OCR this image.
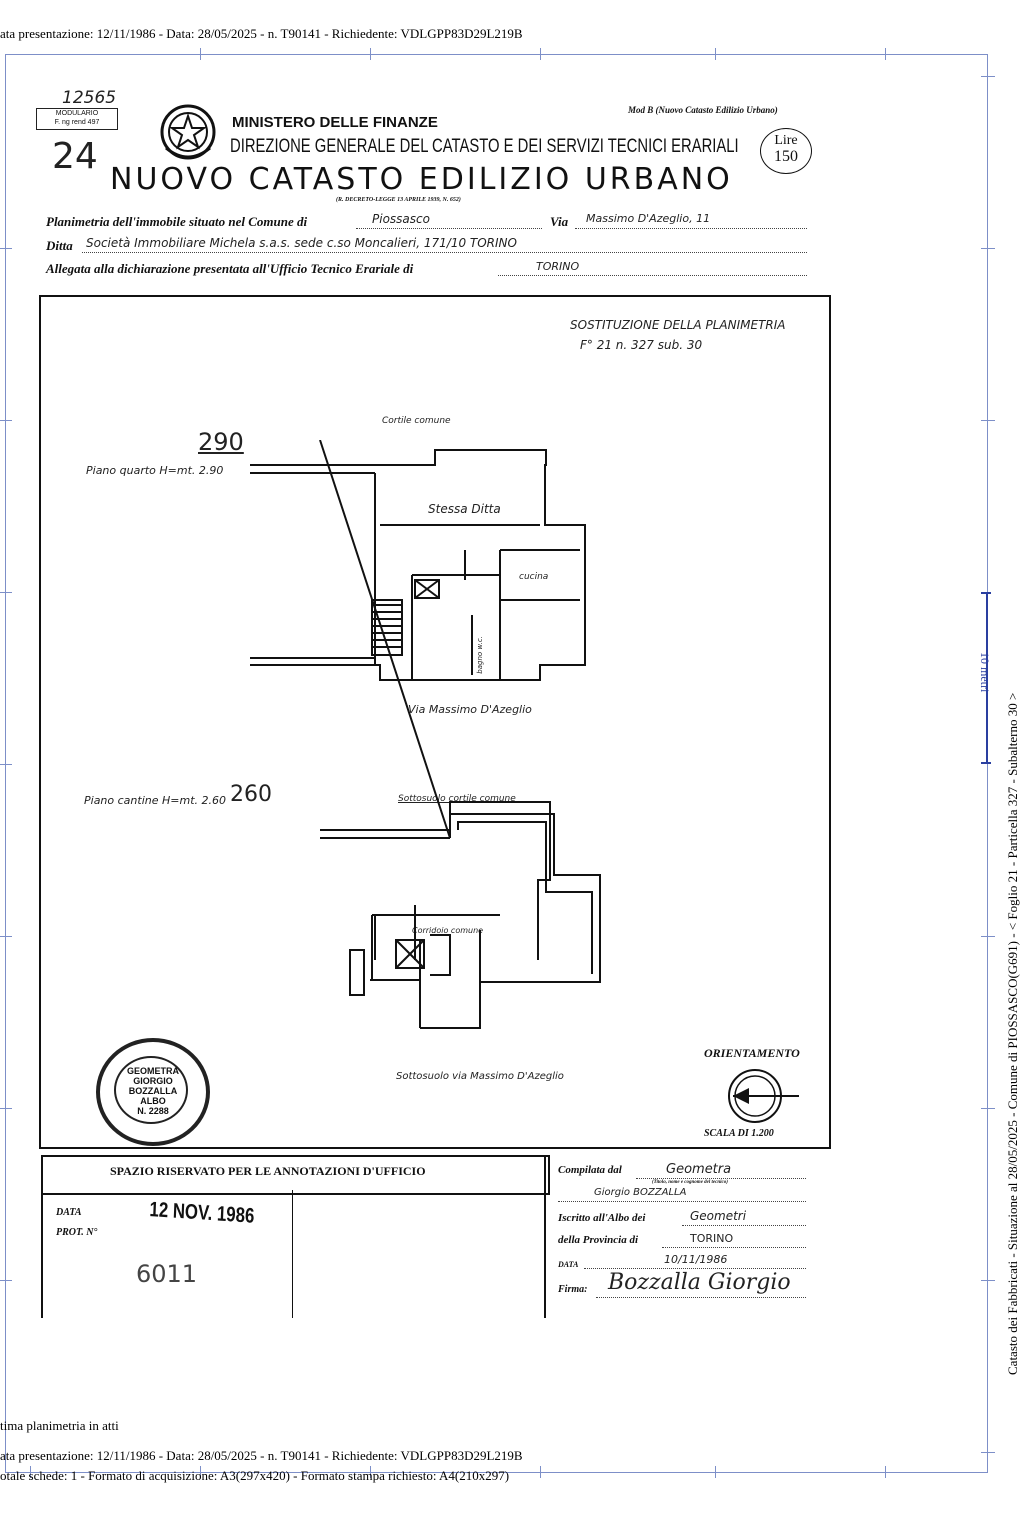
ata presentazione: 12/11/1986 - Data: 28/05/2025 - n. T90141 - Richiedente: VDLGPP83D29L219B
10 metri
Catasto dei Fabbricati - Situazione al 28/05/2025 - Comune di PIOSSASCO(G691) - < Foglio 21 - Particella 327 - Subalterno 30 >
12565
MODULARIO
F. ng rend 497
24
Mod B (Nuovo Catasto Edilizio Urbano)
MINISTERO DELLE FINANZE
DIREZIONE GENERALE DEL CATASTO E DEI SERVIZI TECNICI ERARIALI	Lire
150
NUOVO CATASTO EDILIZIO URBANO
(R. DECRETO-LEGGE 13 APRILE 1939, N. 652)
Planimetria dell'immobile situato nel Comune di	Piossasco	Via Massimo D'Azeglio, 11
Ditta Società Immobiliare Michela s.a.s. sede c.so Moncalieri, 171/10 TORINO
Allegata alla dichiarazione presentata all'Ufficio Tecnico Erariale di	TORINO
SOSTITUZIONE DELLA PLANIMETRIA
F° 21 n. 327 sub. 30
Cortile comune
290
Piano quarto H=mt. 2.90
Stessa Ditta
cucina
bagno w.c.
Via Massimo D'Azeglio
Piano cantine H=mt. 2.60 260	Sottosuolo cortile comune
Corridoio comune
Sottosuolo via Massimo D'Azeglio
ORIENTAMENTO
SCALA DI 1.200
GEOMETRA
GIORGIO
BOZZALLA
ALBO
N. 2288
SPAZIO RISERVATO PER LE ANNOTAZIONI D'UFFICIO
DATA
PROT. N°
12 NOV. 1986
6011
Compilata dal	Geometra
(Titolo, nome e cognome del tecnico)
Giorgio BOZZALLA
Iscritto all'Albo dei	Geometri
della Provincia di	TORINO
DATA	10/11/1986
Firma: Bozzalla Giorgio
tima planimetria in atti
ata presentazione: 12/11/1986 - Data: 28/05/2025 - n. T90141 - Richiedente: VDLGPP83D29L219B
otale schede: 1 - Formato di acquisizione: A3(297x420) - Formato stampa richiesto: A4(210x297)
